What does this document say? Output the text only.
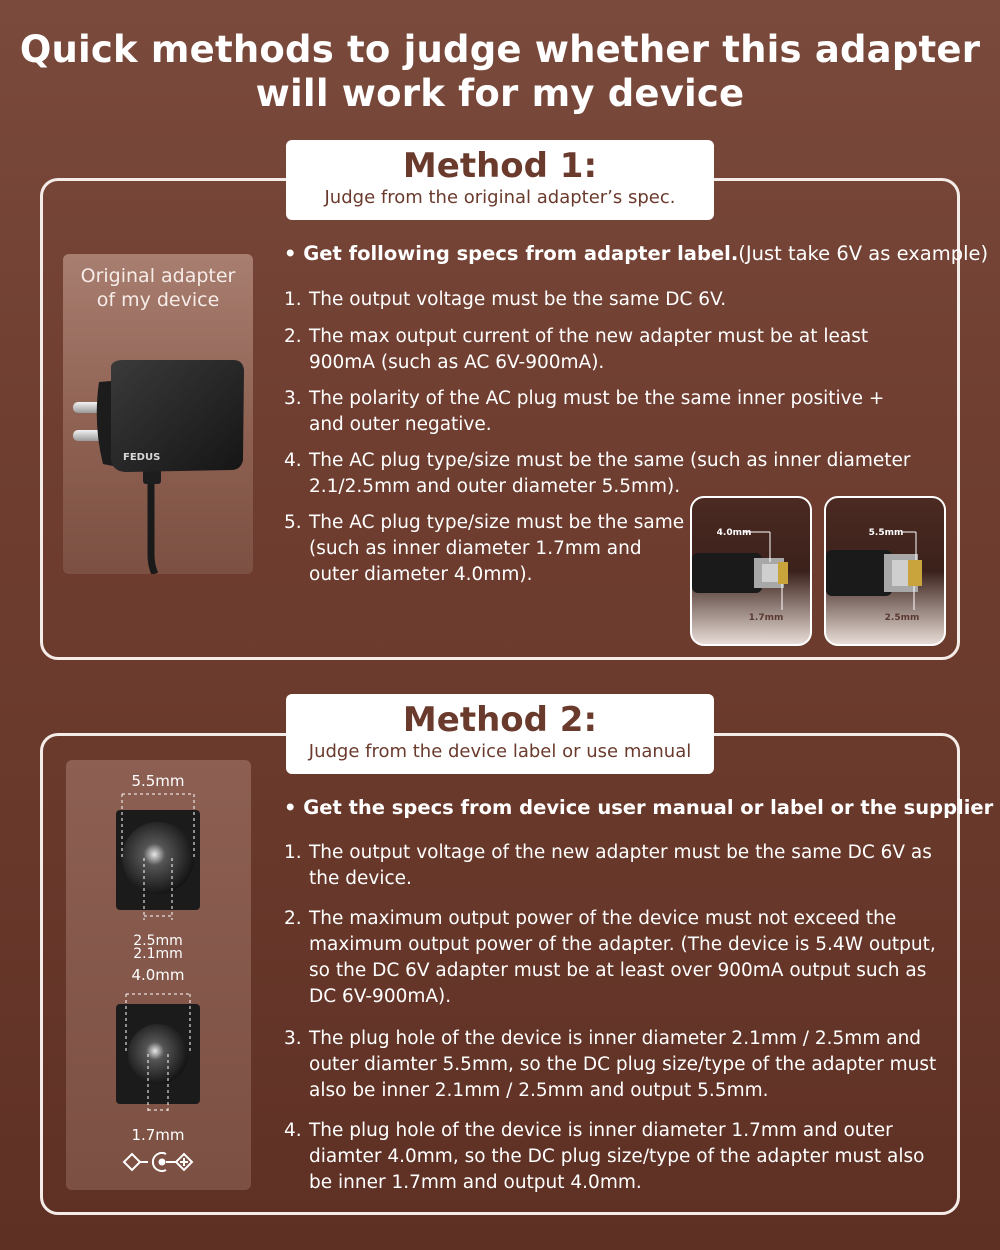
Quick methods to judge whether this adapter
will work for my device
Method 1:
Judge from the original adapter’s spec.
Original adapter
of my device
FEDUS
• Get following specs from adapter label.(Just take 6V as example)
1. The output voltage must be the same DC 6V.
2. The max output current of the new adapter must be at least 900mA (such as AC 6V-900mA).
3. The polarity of the AC plug must be the same inner positive + and outer negative.
4. The AC plug type/size must be the same (such as inner diameter 2.1/2.5mm and outer diameter 5.5mm).
5. The AC plug type/size must be the same (such as inner diameter 1.7mm and outer diameter 4.0mm).
4.0mm
1.7mm
5.5mm
2.5mm
Method 2:
Judge from the device label or use manual
5.5mm
2.5mm
2.1mm
4.0mm
1.7mm
• Get the specs from device user manual or label or the supplier
1. The output voltage of the new adapter must be the same DC 6V as the device.
2. The maximum output power of the device must not exceed the maximum output power of the adapter. (The device is 5.4W output, so the DC 6V adapter must be at least over 900mA output such as DC 6V-900mA).
3. The plug hole of the device is inner diameter 2.1mm / 2.5mm and outer diamter 5.5mm, so the DC plug size/type of the adapter must also be inner 2.1mm / 2.5mm and output 5.5mm.
4. The plug hole of the device is inner diameter 1.7mm and outer diamter 4.0mm, so the DC plug size/type of the adapter must also be inner 1.7mm and output 4.0mm.
